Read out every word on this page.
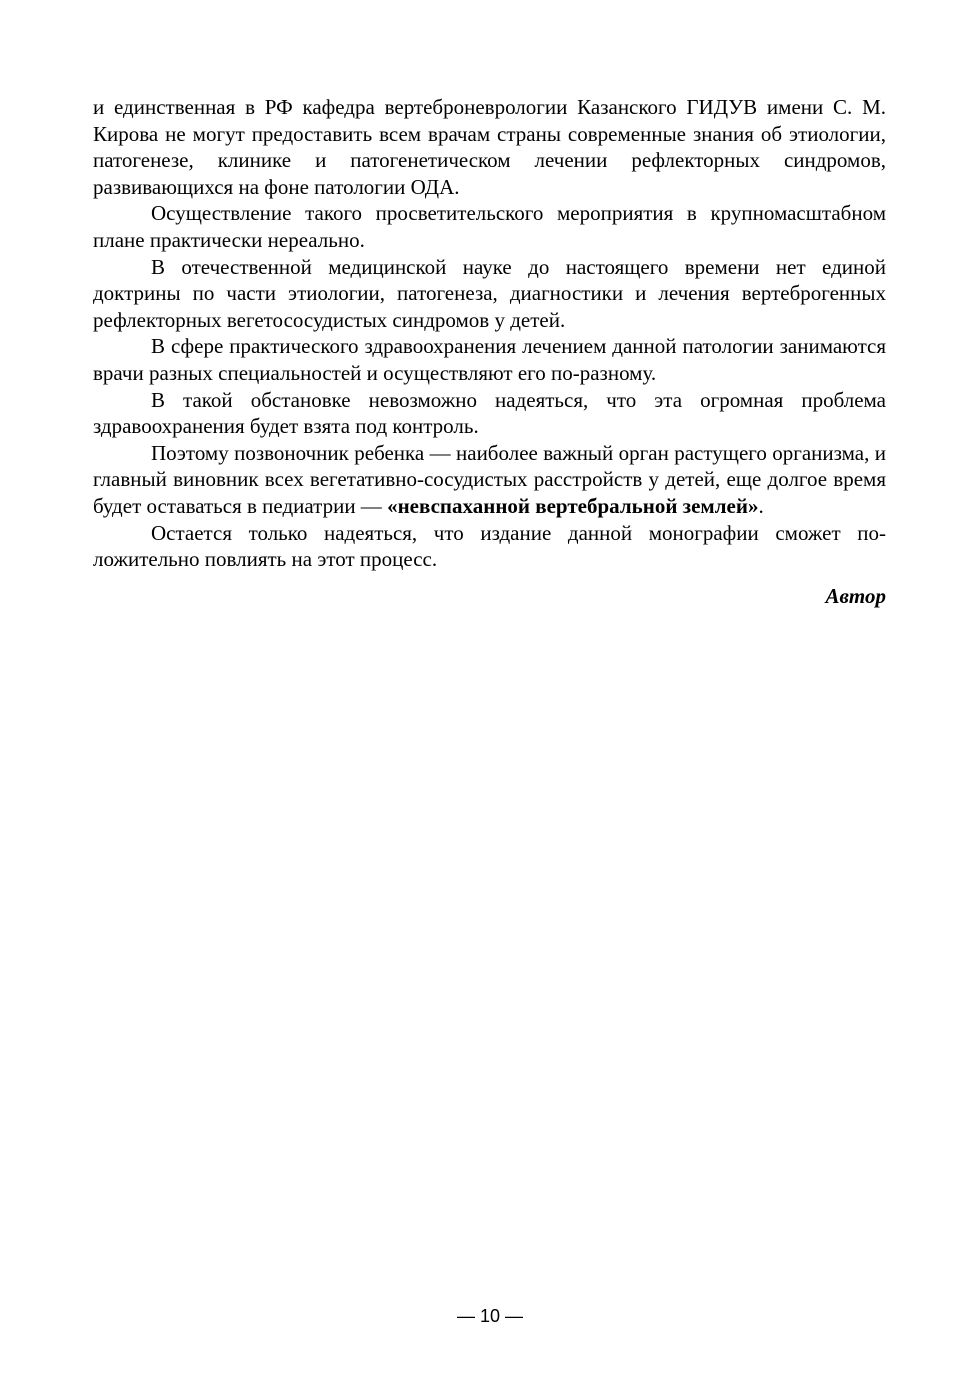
и единственная в РФ кафедра вертеброневрологии Казанского ГИДУВ имени С. М. Кирова не могут предоставить всем врачам страны современные знания об этиологии, патогенезе, клинике и патогенетическом лечении рефлекторных синдромов, развивающихся на фоне патологии ОДА.

Осуществление такого просветительского мероприятия в крупномасштабном плане практически нереально.

В отечественной медицинской науке до настоящего времени нет единой доктрины по части этиологии, патогенеза, диагностики и лечения вертеброгенных рефлекторных вегетососудистых синдромов у детей.

В сфере практического здравоохранения лечением данной патологии занимаются врачи разных специальностей и осуществляют его по-разному.

В такой обстановке невозможно надеяться, что эта огромная проблема здравоохранения будет взята под контроль.

Поэтому позвоночник ребенка — наиболее важный орган растущего организма, и главный виновник всех вегетативно-сосудистых расстройств у детей, еще долгое время будет оставаться в педиатрии — «невспаханной вертебральной землей».

Остается только надеяться, что издание данной монографии сможет положительно повлиять на этот процесс.

Автор

— 10 —
